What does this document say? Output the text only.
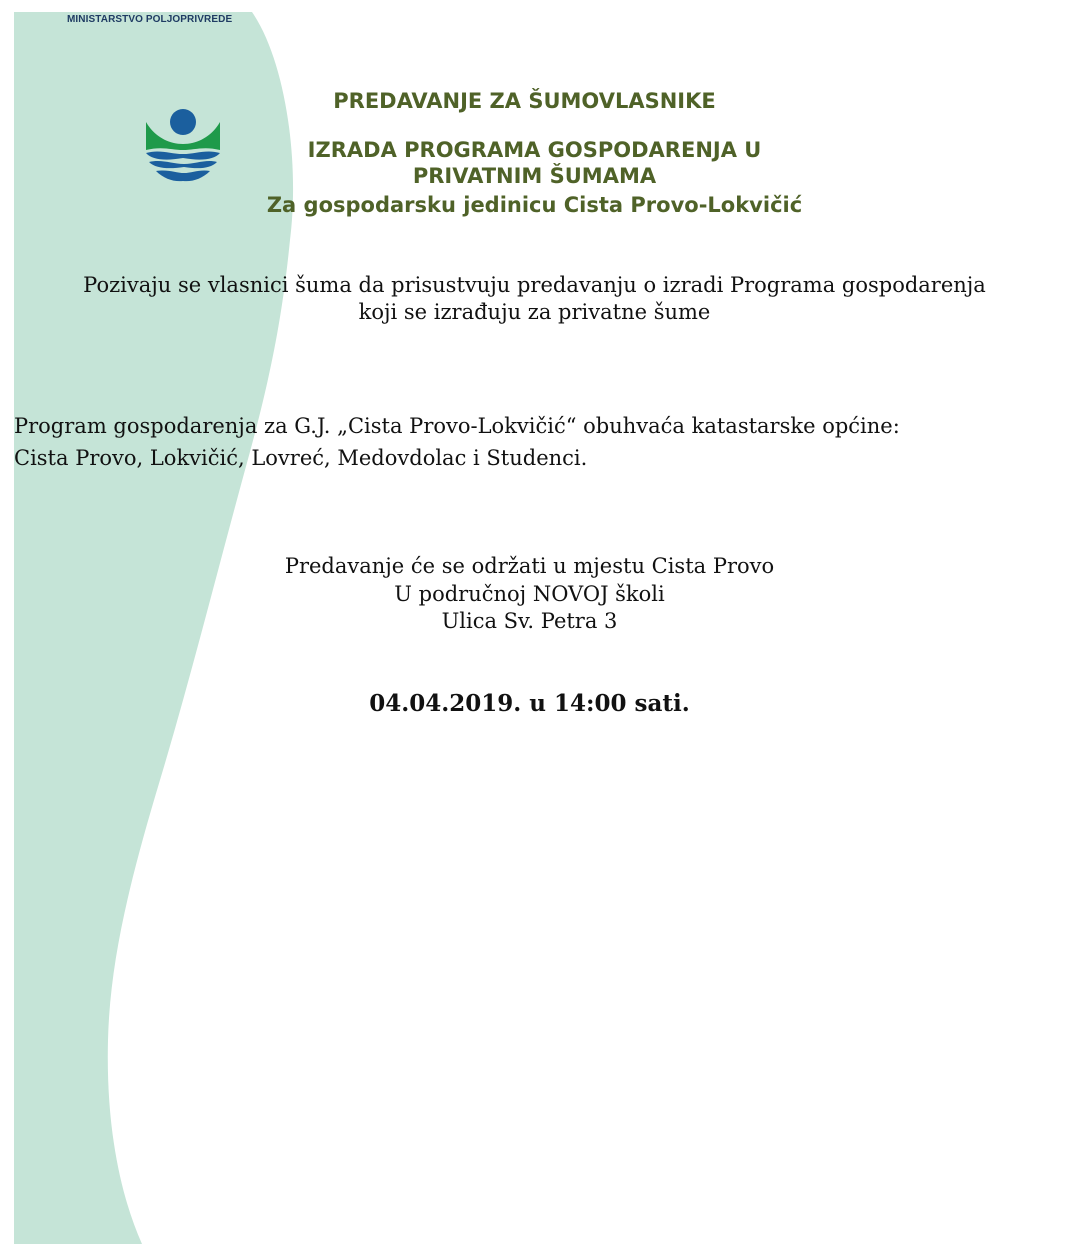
MINISTARSTVO POLJOPRIVREDE
PREDAVANJE ZA ŠUMOVLASNIKE
IZRADA PROGRAMA GOSPODARENJA U
PRIVATNIM ŠUMAMA
Za gospodarsku jedinicu Cista Provo-Lokvičić
Pozivaju se vlasnici šuma da prisustvuju predavanju o izradi Programa gospodarenja
koji se izrađuju za privatne šume
Program gospodarenja za G.J. „Cista Provo-Lokvičić“ obuhvaća katastarske općine:
Cista Provo, Lokvičić, Lovreć, Medovdolac i Studenci.
Predavanje će se održati u mjestu Cista Provo
U područnoj NOVOJ školi
Ulica Sv. Petra 3
04.04.2019. u 14:00 sati.
